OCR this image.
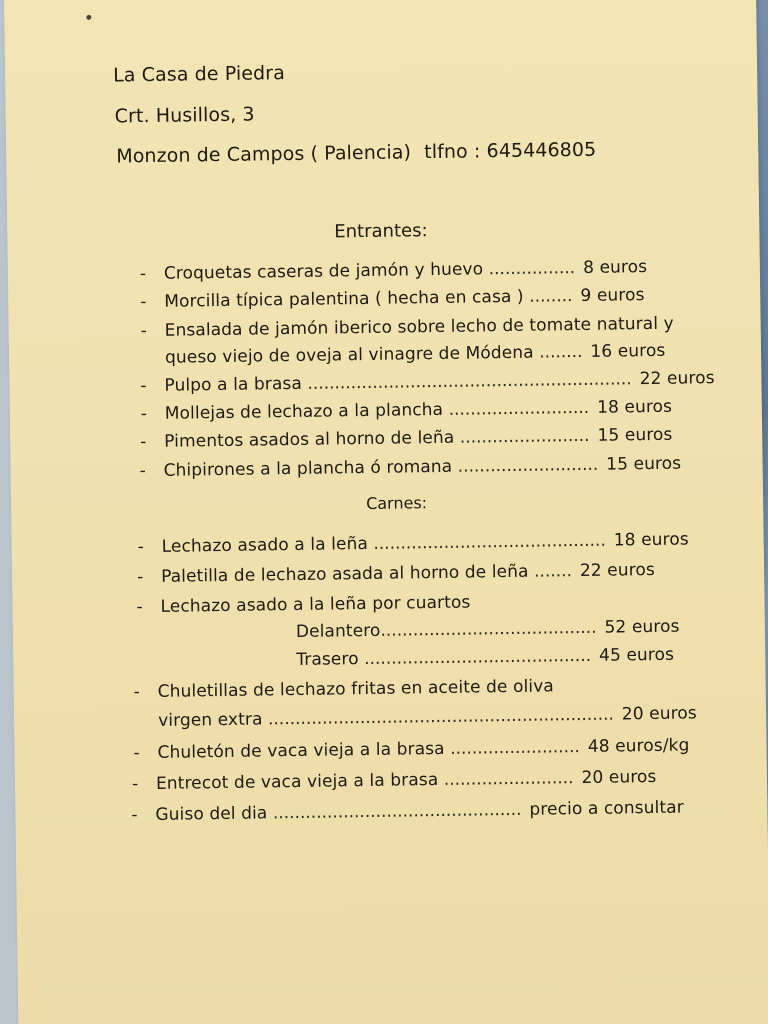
La Casa de Piedra
Crt. Husillos, 3
Monzon de Campos ( Palencia) tlfno : 645446805
Entrantes:
- Croquetas caseras de jamón y huevo ................ 8 euros
- Morcilla típica palentina ( hecha en casa ) ........ 9 euros
- Ensalada de jamón iberico sobre lecho de tomate natural y
queso viejo de oveja al vinagre de Módena ........ 16 euros
- Pulpo a la brasa ............................................................ 22 euros
- Mollejas de lechazo a la plancha .......................... 18 euros
- Pimentos asados al horno de leña ........................ 15 euros
- Chipirones a la plancha ó romana .......................... 15 euros
Carnes:
- Lechazo asado a la leña ........................................... 18 euros
- Paletilla de lechazo asada al horno de leña ....... 22 euros
- Lechazo asado a la leña por cuartos
Delantero........................................ 52 euros
Trasero .......................................... 45 euros
- Chuletillas de lechazo fritas en aceite de oliva
virgen extra ................................................................ 20 euros
- Chuletón de vaca vieja a la brasa ........................ 48 euros/kg
- Entrecot de vaca vieja a la brasa ........................ 20 euros
- Guiso del dia .............................................. precio a consultar
